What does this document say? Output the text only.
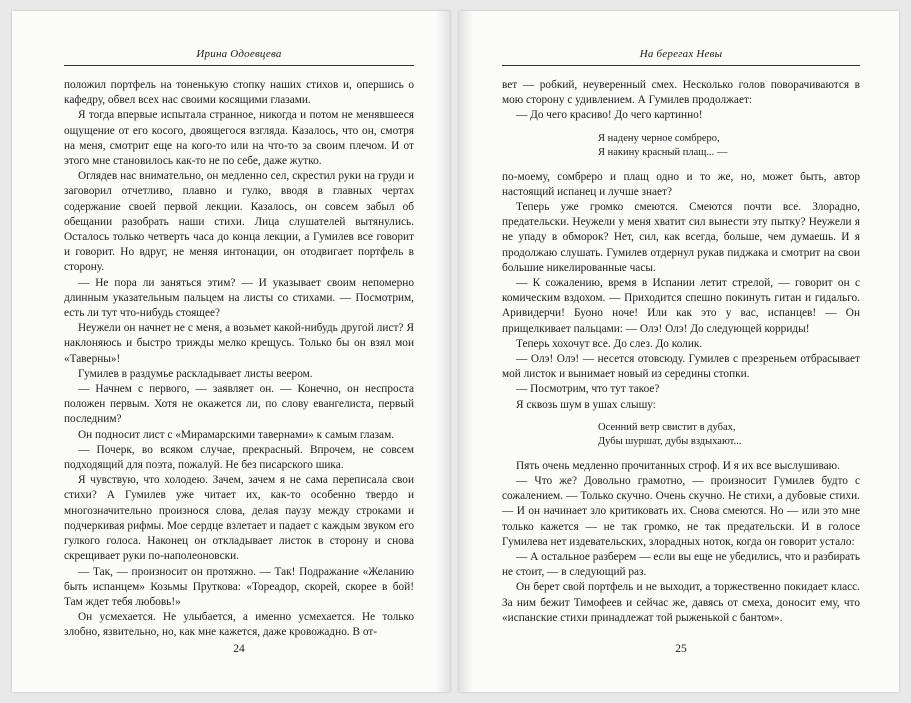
Ирина Одоевцева

положил портфель на тоненькую стопку наших стихов и, опершись о кафедру, обвел всех нас своими косящими глазами.

Я тогда впервые испытала странное, никогда и потом не менявшееся ощущение от его косого, двоящегося взгляда. Казалось, что он, смотря на меня, смотрит еще на кого-то или на что-то за своим плечом. И от этого мне становилось как-то не по себе, даже жутко.

Оглядев нас внимательно, он медленно сел, скрестил руки на груди и заговорил отчетливо, плавно и гулко, вводя в главных чертах содержание своей первой лекции. Казалось, он совсем забыл об обещании разобрать наши стихи. Лица слушателей вытянулись. Осталось только четверть часа до конца лекции, а Гумилев все говорит и говорит. Но вдруг, не меняя интонации, он отодвигает портфель в сторону.

— Не пора ли заняться этим? — И указывает своим непомерно длинным указательным пальцем на листы со стихами. — Посмотрим, есть ли тут что-нибудь стоящее?

Неужели он начнет не с меня, а возьмет какой-нибудь другой лист? Я наклоняюсь и быстро трижды мелко крещусь. Только бы он взял мои «Таверны»!

Гумилев в раздумье раскладывает листы веером.

— Начнем с первого, — заявляет он. — Конечно, он неспроста положен первым. Хотя не окажется ли, по слову евангелиста, первый последним?

Он подносит лист с «Мирамарскими тавернами» к самым глазам.

— Почерк, во всяком случае, прекрасный. Впрочем, не совсем подходящий для поэта, пожалуй. Не без писарского шика.

Я чувствую, что холодею. Зачем, зачем я не сама переписала свои стихи? А Гумилев уже читает их, как-то особенно твердо и многозначительно произнося слова, делая паузу между строками и подчеркивая рифмы. Мое сердце взлетает и падает с каждым звуком его гулкого голоса. Наконец он откладывает листок в сторону и снова скрещивает руки по-наполеоновски.

— Так, — произносит он протяжно. — Так! Подражание «Желанию быть испанцем» Козьмы Пруткова: «Тореадор, скорей, скорее в бой! Там ждет тебя любовь!»

Он усмехается. Не улыбается, а именно усмехается. Не только злобно, язвительно, но, как мне кажется, даже кровожадно. В от-

24
На берегах Невы

вет — робкий, неуверенный смех. Несколько голов поворачиваются в мою сторону с удивлением. А Гумилев продолжает:

— До чего красиво! До чего картинно!

Я надену черное сомбреро,
Я накину красный плащ... —

по-моему, сомбреро и плащ одно и то же, но, может быть, автор настоящий испанец и лучше знает?

Теперь уже громко смеются. Смеются почти все. Злорадно, предательски. Неужели у меня хватит сил вынести эту пытку? Неужели я не упаду в обморок? Нет, сил, как всегда, больше, чем думаешь. И я продолжаю слушать. Гумилев отдернул рукав пиджака и смотрит на свои большие никелированные часы.

— К сожалению, время в Испании летит стрелой, — говорит он с комическим вздохом. — Приходится спешно покинуть гитан и гидальго. Аривидерчи! Буоно ноче! Или как это у вас, испанцев! — Он прищелкивает пальцами: — Олэ! Олэ! До следующей корриды!

Теперь хохочут все. До слез. До колик.

— Олэ! Олэ! — несется отовсюду. Гумилев с презреньем отбрасывает мой листок и вынимает новый из середины стопки.

— Посмотрим, что тут такое?

Я сквозь шум в ушах слышу:

Осенний ветр свистит в дубах,
Дубы шуршат, дубы вздыхают...

Пять очень медленно прочитанных строф. И я их все выслушиваю.

— Что же? Довольно грамотно, — произносит Гумилев будто с сожалением. — Только скучно. Очень скучно. Не стихи, а дубовые стихи. — И он начинает зло критиковать их. Снова смеются. Но — или это мне только кажется — не так громко, не так предательски. И в голосе Гумилева нет издевательских, злорадных ноток, когда он говорит устало:

— А остальное разберем — если вы еще не убедились, что и разбирать не стоит, — в следующий раз.

Он берет свой портфель и не выходит, а торжественно покидает класс. За ним бежит Тимофеев и сейчас же, давясь от смеха, доносит ему, что «испанские стихи принадлежат той рыженькой с бантом».

25
